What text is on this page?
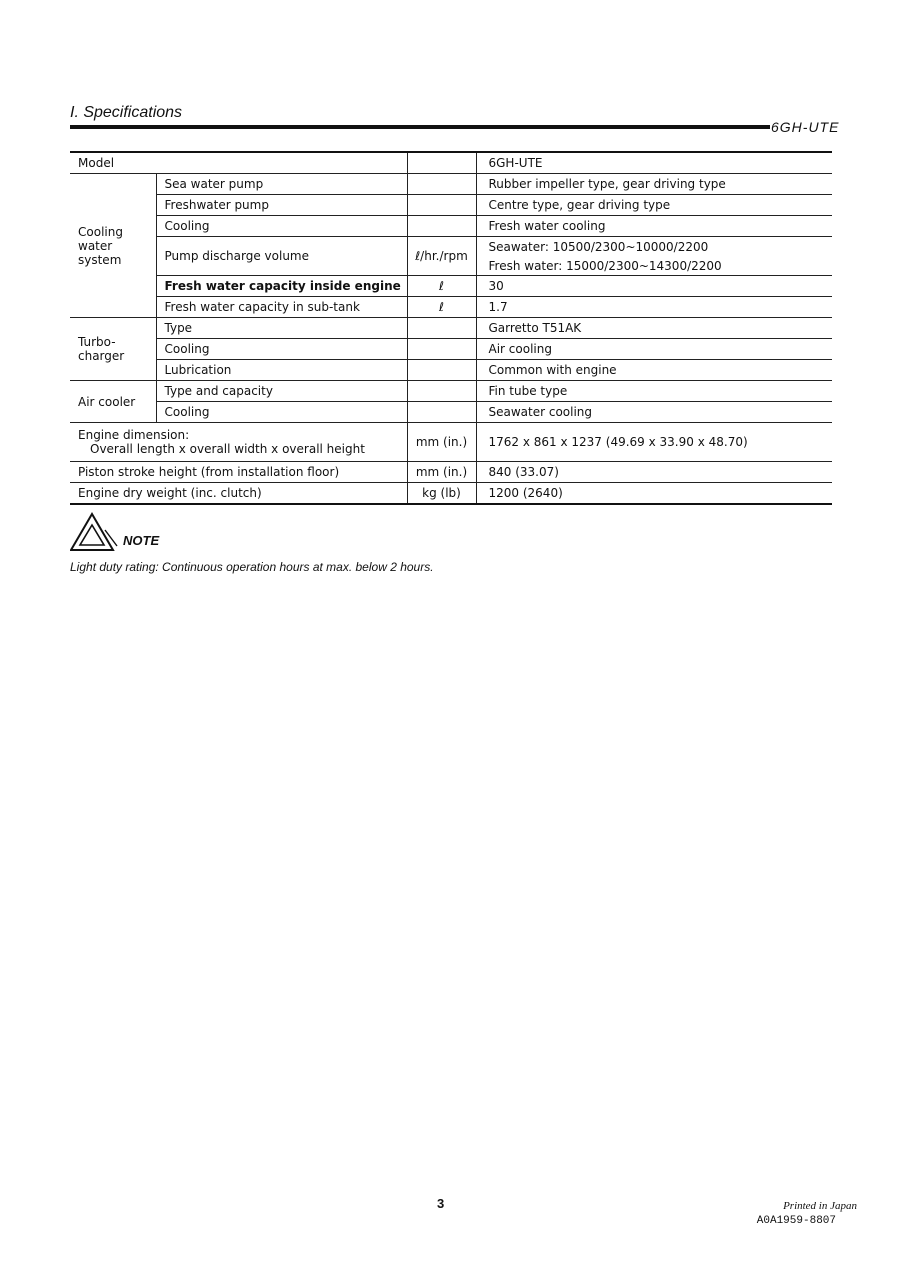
I. Specifications
6GH-UTE
Model			6GH-UTE
Cooling water system	Sea water pump		Rubber impeller type, gear driving type
	Freshwater pump		Centre type, gear driving type
	Cooling		Fresh water cooling
	Pump discharge volume	ℓ/hr./rpm	Seawater: 10500/2300~10000/2200
Fresh water: 15000/2300~14300/2200

	Fresh water capacity inside engine	ℓ	30
	Fresh water capacity in sub-tank	ℓ	1.7
Turbo-charger	Type		Garretto T51AK
	Cooling		Air cooling
	Lubrication		Common with engine
Air cooler	Type and capacity		Fin tube type
	Cooling		Seawater cooling

Engine dimension:
Overall length x overall width x overall height		mm (in.)	1762 x 861 x 1237 (49.69 x 33.90 x 48.70)
Piston stroke height (from installation floor)		mm (in.)	840 (33.07)
Engine dry weight (inc. clutch)		kg (lb)	1200 (2640)
NOTE
Light duty rating: Continuous operation hours at max. below 2 hours.
3	Printed in Japan
A0A1959-8807
